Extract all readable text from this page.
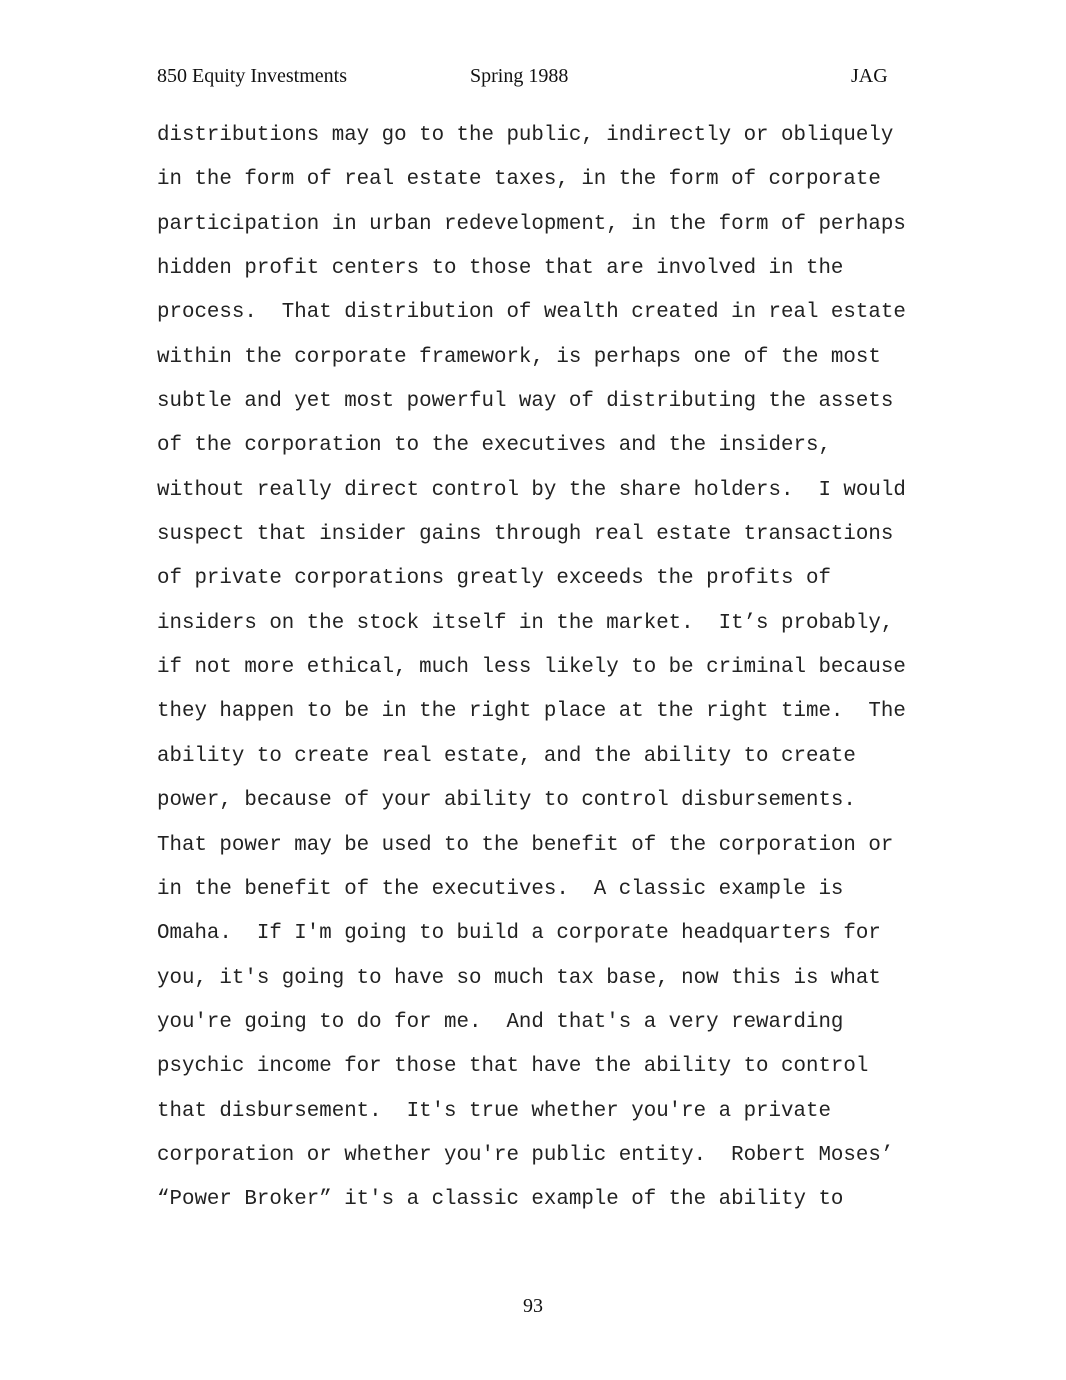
850 Equity Investments	Spring 1988	JAG
distributions may go to the public, indirectly or obliquely
in the form of real estate taxes, in the form of corporate
participation in urban redevelopment, in the form of perhaps
hidden profit centers to those that are involved in the
process.  That distribution of wealth created in real estate
within the corporate framework, is perhaps one of the most
subtle and yet most powerful way of distributing the assets
of the corporation to the executives and the insiders,
without really direct control by the share holders.  I would
suspect that insider gains through real estate transactions
of private corporations greatly exceeds the profits of
insiders on the stock itself in the market.  It’s probably,
if not more ethical, much less likely to be criminal because
they happen to be in the right place at the right time.  The
ability to create real estate, and the ability to create
power, because of your ability to control disbursements.
That power may be used to the benefit of the corporation or
in the benefit of the executives.  A classic example is
Omaha.  If I'm going to build a corporate headquarters for
you, it's going to have so much tax base, now this is what
you're going to do for me.  And that's a very rewarding
psychic income for those that have the ability to control
that disbursement.  It's true whether you're a private
corporation or whether you're public entity.  Robert Moses’
“Power Broker” it's a classic example of the ability to
93
